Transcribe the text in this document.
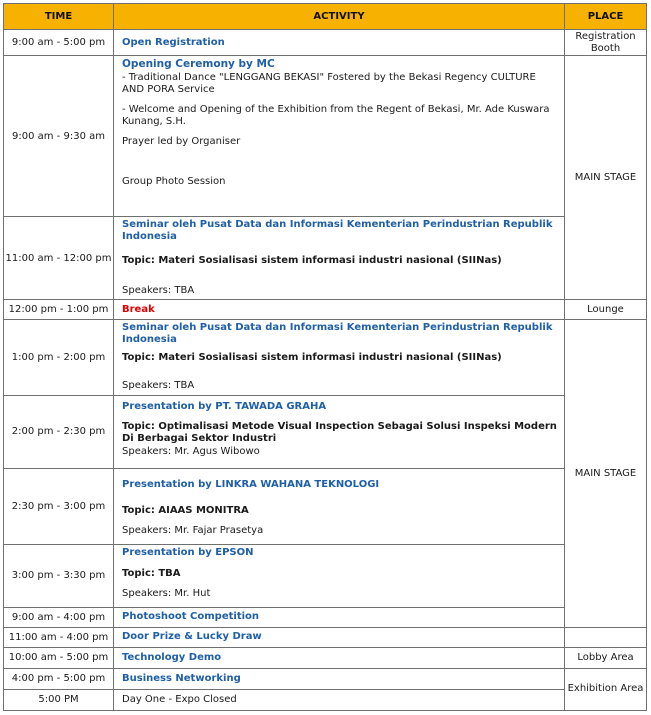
TIME	ACTIVITY	PLACE
9:00 am - 5:00 pm	Open Registration	Registration Booth
9:00 am - 9:30 am	Opening Ceremony by MC
- Traditional Dance "LENGGANG BEKASI" Fostered by the Bekasi Regency CULTURE AND PORA Service
- Welcome and Opening of the Exhibition from the Regent of Bekasi, Mr. Ade Kuswara Kunang, S.H.
Prayer led by Organiser
Group Photo Session	MAIN STAGE
11:00 am - 12:00 pm	Seminar oleh Pusat Data dan Informasi Kementerian Perindustrian Republik Indonesia
Topic: Materi Sosialisasi sistem informasi industri nasional (SIINas)
Speakers: TBA	

12:00 pm - 1:00 pm	Break	Lounge
1:00 pm - 2:00 pm	Seminar oleh Pusat Data dan Informasi Kementerian Perindustrian Republik Indonesia
Topic: Materi Sosialisasi sistem informasi industri nasional (SIINas)
Speakers: TBA	MAIN STAGE
2:00 pm - 2:30 pm	Presentation by PT. TAWADA GRAHA
Topic: Optimalisasi Metode Visual Inspection Sebagai Solusi Inspeksi Modern Di Berbagai Sektor Industri
Speakers: Mr. Agus Wibowo	

2:30 pm - 3:00 pm	Presentation by LINKRA WAHANA TEKNOLOGI
Topic: AIAAS MONITRA
Speakers: Mr. Fajar Prasetya	

3:00 pm - 3:30 pm	Presentation by EPSON
Topic: TBA
Speakers: Mr. Hut	

9:00 am - 4:00 pm	Photoshoot Competition	

11:00 am - 4:00 pm	Door Prize & Lucky Draw	

10:00 am - 5:00 pm	Technology Demo	Lobby Area
4:00 pm - 5:00 pm	Business Networking	Exhibition Area
5:00 PM	Day One - Expo Closed	
